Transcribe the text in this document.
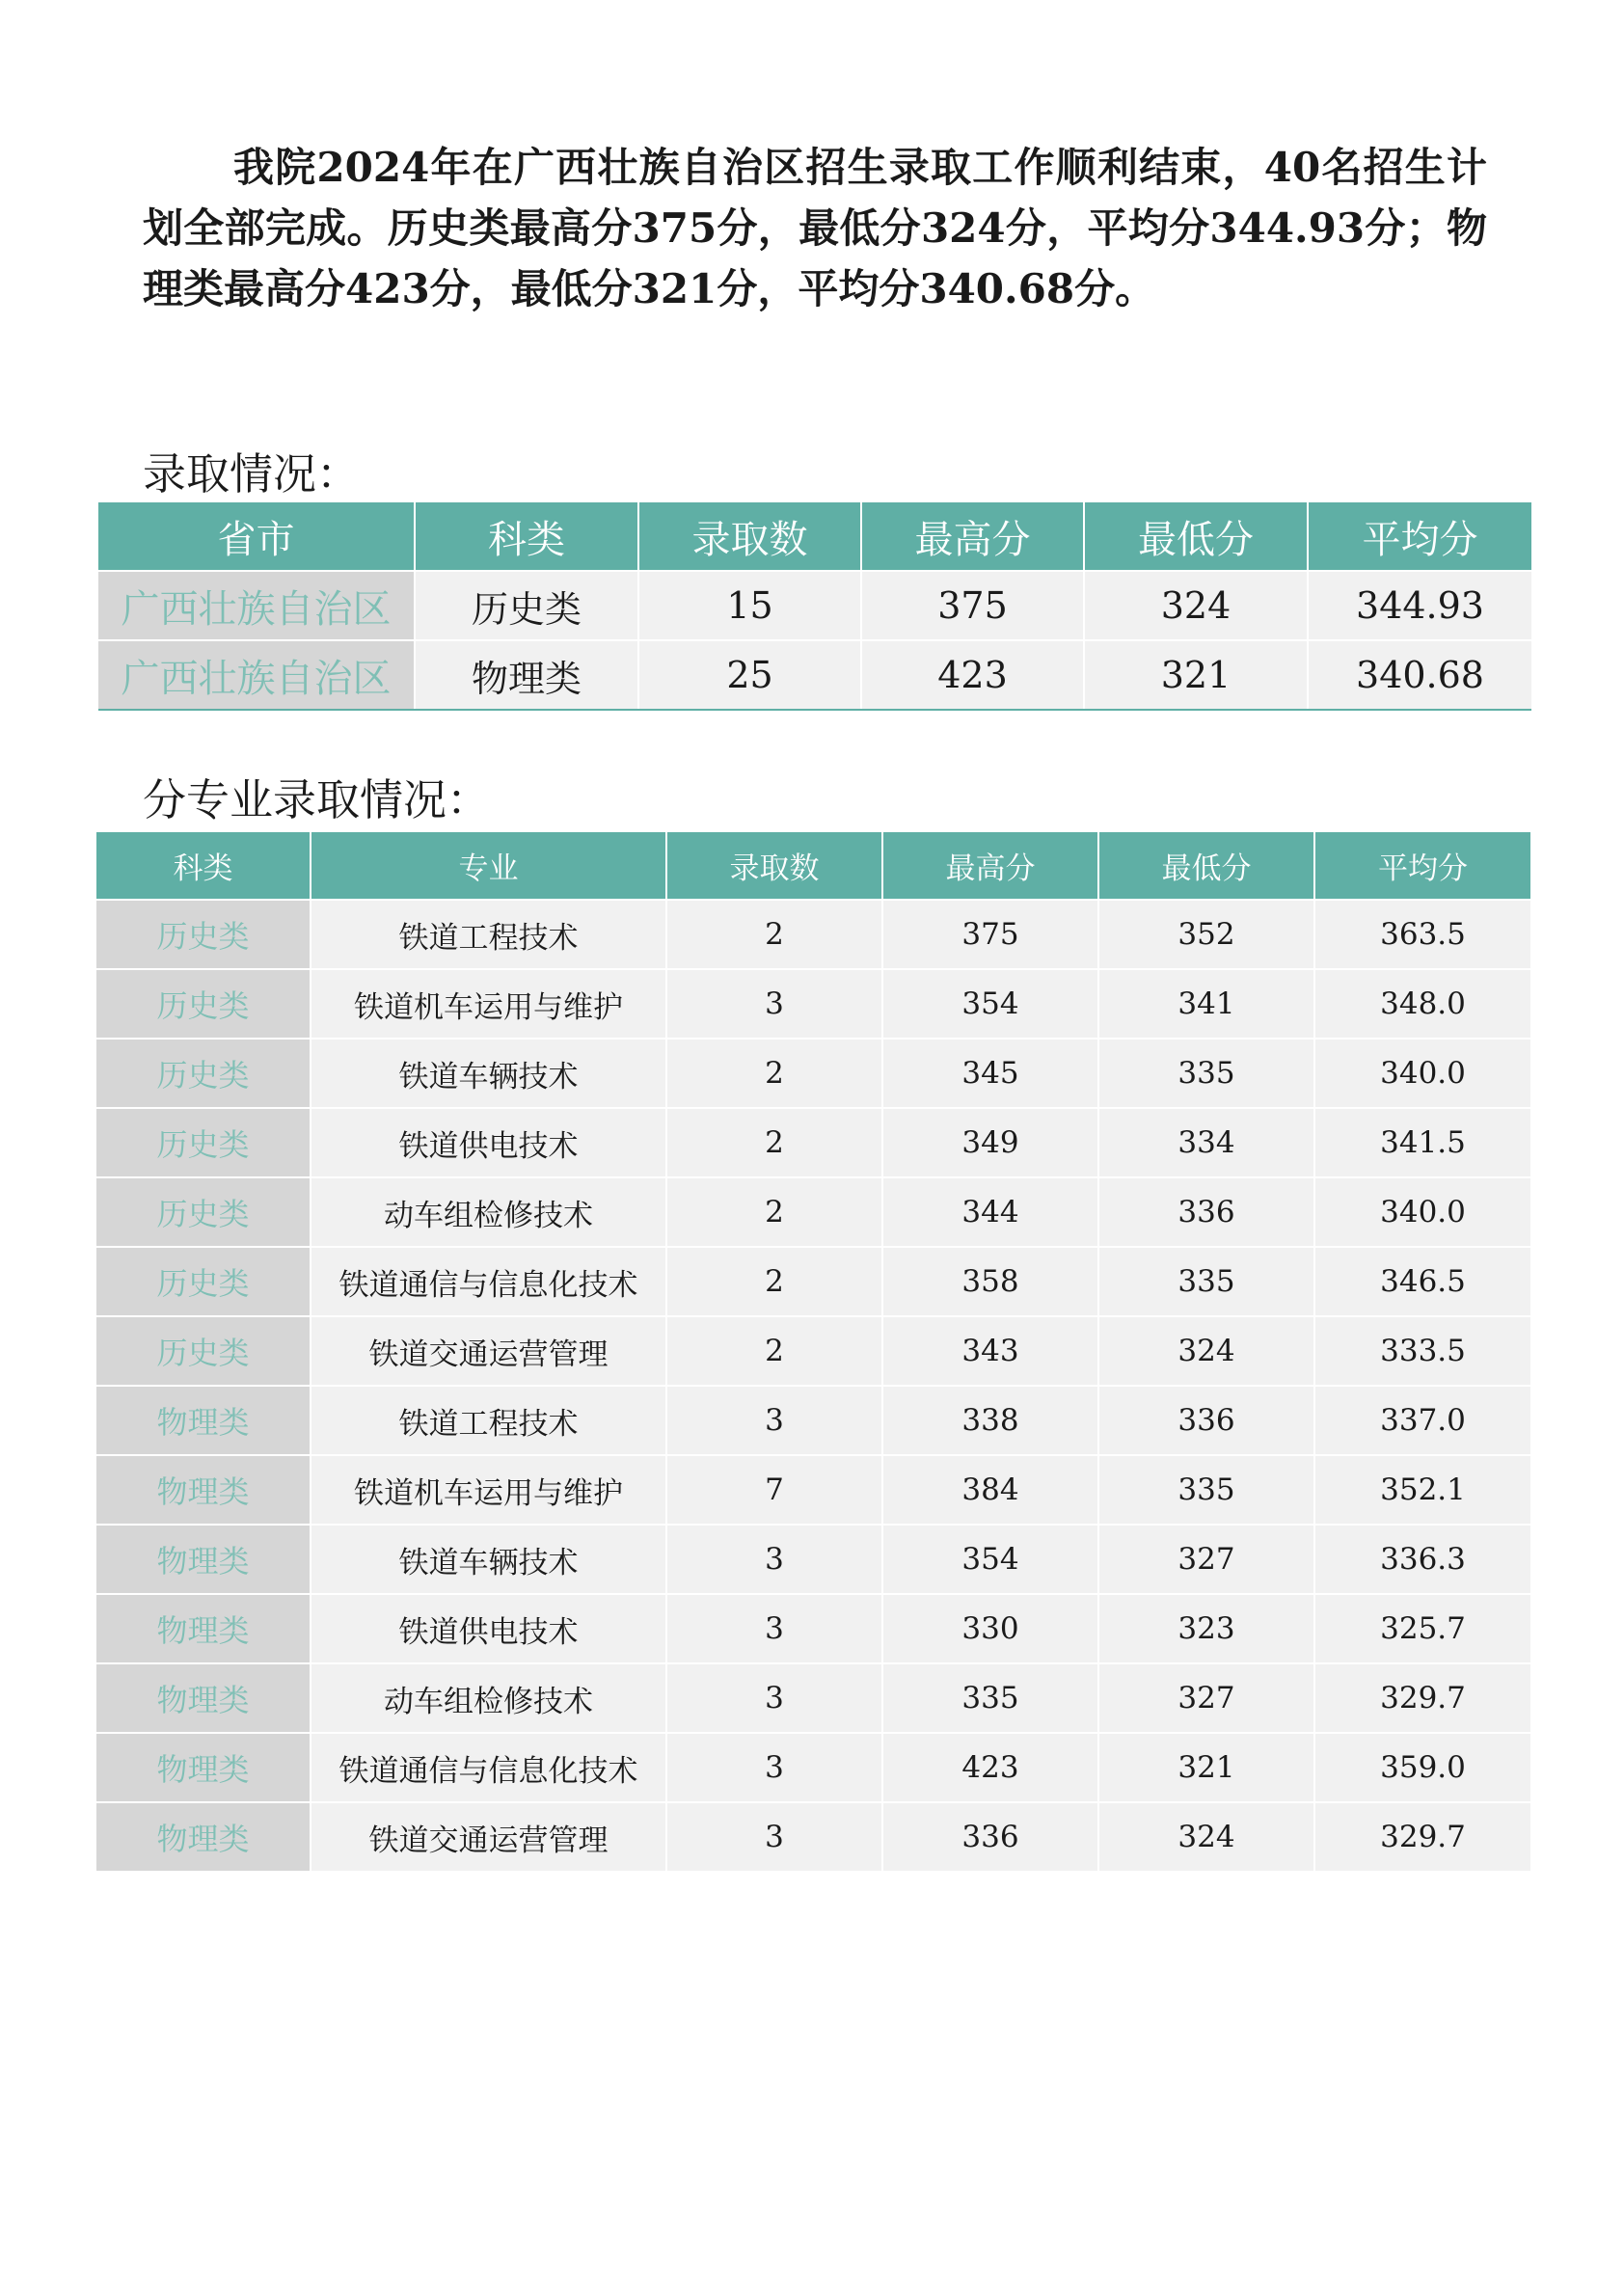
我院2024年在广西壮族自治区招生录取工作顺利结束，40名招生计划全部完成。历史类最高分375分，最低分324分，平均分344.93分；物理类最高分423分，最低分321分，平均分340.68分。

录取情况：
省市	科类	录取数	最高分	最低分	平均分
广西壮族自治区	历史类	15	375	324	344.93
广西壮族自治区	物理类	25	423	321	340.68
分专业录取情况：
科类	专业	录取数	最高分	最低分	平均分
历史类	铁道工程技术	2	375	352	363.5
历史类	铁道机车运用与维护	3	354	341	348.0
历史类	铁道车辆技术	2	345	335	340.0
历史类	铁道供电技术	2	349	334	341.5
历史类	动车组检修技术	2	344	336	340.0
历史类	铁道通信与信息化技术	2	358	335	346.5
历史类	铁道交通运营管理	2	343	324	333.5
物理类	铁道工程技术	3	338	336	337.0
物理类	铁道机车运用与维护	7	384	335	352.1
物理类	铁道车辆技术	3	354	327	336.3
物理类	铁道供电技术	3	330	323	325.7
物理类	动车组检修技术	3	335	327	329.7
物理类	铁道通信与信息化技术	3	423	321	359.0
物理类	铁道交通运营管理	3	336	324	329.7
